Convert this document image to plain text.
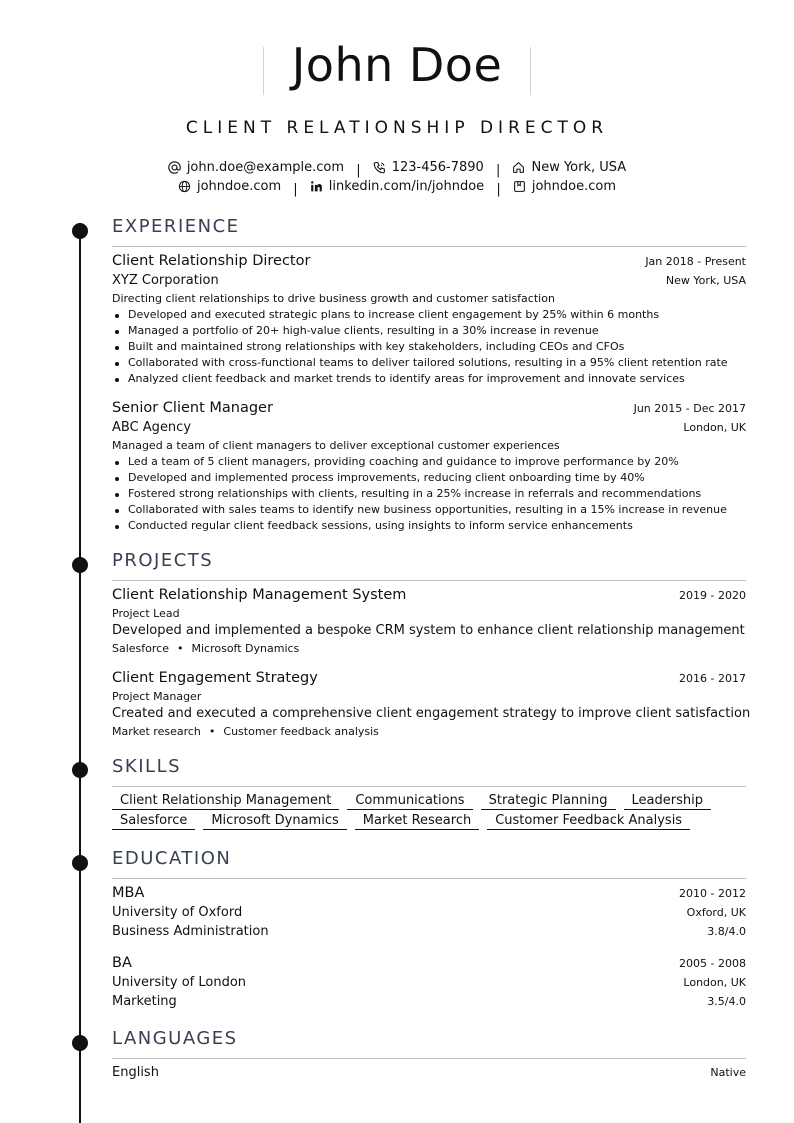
John Doe
CLIENT RELATIONSHIP DIRECTOR
john.doe@example.com | 123-456-7890 | New York, USA
johndoe.com | linkedin.com/in/johndoe | johndoe.com
EXPERIENCE
Client Relationship Director	Jan 2018 - Present
XYZ Corporation	New York, USA
Directing client relationships to drive business growth and customer satisfaction
Developed and executed strategic plans to increase client engagement by 25% within 6 months
Managed a portfolio of 20+ high-value clients, resulting in a 30% increase in revenue
Built and maintained strong relationships with key stakeholders, including CEOs and CFOs
Collaborated with cross-functional teams to deliver tailored solutions, resulting in a 95% client retention rate
Analyzed client feedback and market trends to identify areas for improvement and innovate services
Senior Client Manager	Jun 2015 - Dec 2017
ABC Agency	London, UK
Managed a team of client managers to deliver exceptional customer experiences
Led a team of 5 client managers, providing coaching and guidance to improve performance by 20%
Developed and implemented process improvements, reducing client onboarding time by 40%
Fostered strong relationships with clients, resulting in a 25% increase in referrals and recommendations
Collaborated with sales teams to identify new business opportunities, resulting in a 15% increase in revenue
Conducted regular client feedback sessions, using insights to inform service enhancements
PROJECTS
Client Relationship Management System	2019 - 2020
Project Lead
Developed and implemented a bespoke CRM system to enhance client relationship management
Salesforce • Microsoft Dynamics
Client Engagement Strategy	2016 - 2017
Project Manager
Created and executed a comprehensive client engagement strategy to improve client satisfaction
Market research • Customer feedback analysis
SKILLS
Client Relationship Management	Communications	Strategic Planning	Leadership
Salesforce	Microsoft Dynamics	Market Research	Customer Feedback Analysis
EDUCATION
MBA	2010 - 2012
University of Oxford	Oxford, UK
Business Administration	3.8/4.0
BA	2005 - 2008
University of London	London, UK
Marketing	3.5/4.0
LANGUAGES
English	Native
